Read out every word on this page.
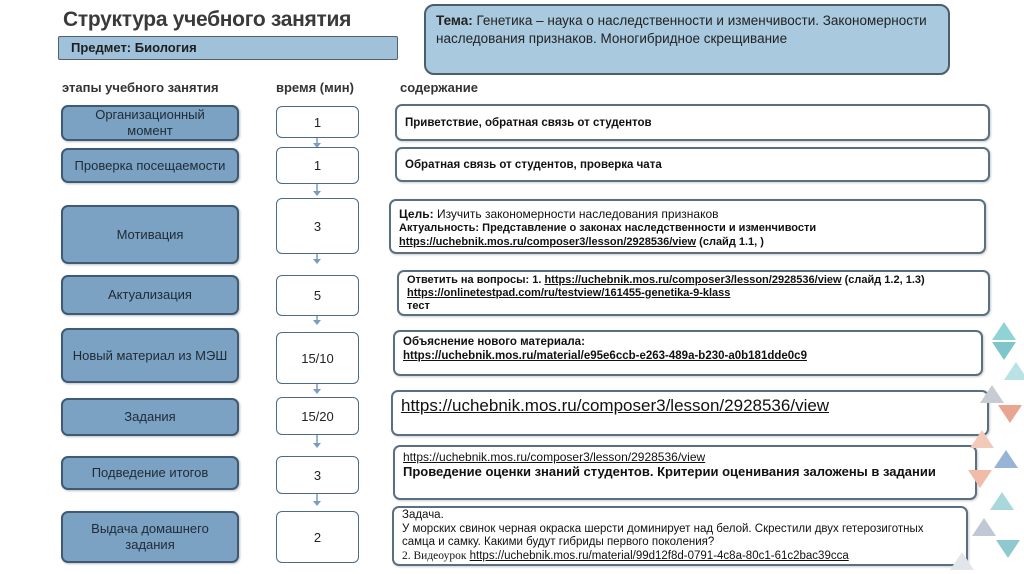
Структура учебного занятия
Предмет: Биология
Тема: Генетика – наука о наследственности и изменчивости. Закономерности наследования признаков. Моногибридное скрещивание
этапы учебного занятия	время (мин)	содержание
Организационный момент
Проверка посещаемости
Мотивация
Актуализация
Новый материал из МЭШ
Задания
Подведение итогов
Выдача домашнего задания
1
1
3
5
15/10
15/20
3
2
Приветствие, обратная связь от студентов
Обратная связь от студентов, проверка чата
Цель: Изучить закономерности наследования признаков
Актуальность: Представление о законах наследственности и изменчивости
https://uchebnik.mos.ru/composer3/lesson/2928536/view (слайд 1.1, )
Ответить на вопросы: 1. https://uchebnik.mos.ru/composer3/lesson/2928536/view (слайд 1.2, 1.3)
https://onlinetestpad.com/ru/testview/161455-genetika-9-klass
тест
Объяснение нового материала:
https://uchebnik.mos.ru/material/e95e6ccb-e263-489a-b230-a0b181dde0c9
https://uchebnik.mos.ru/composer3/lesson/2928536/view
https://uchebnik.mos.ru/composer3/lesson/2928536/view
Проведение оценки знаний студентов. Критерии оценивания заложены в задании
Задача.
У морских свинок черная окраска шерсти доминирует над белой. Скрестили двух гетерозиготных самца и самку. Какими будут гибриды первого поколения?
2. Видеоурок https://uchebnik.mos.ru/material/99d12f8d-0791-4c8a-80c1-61c2bac39cca
